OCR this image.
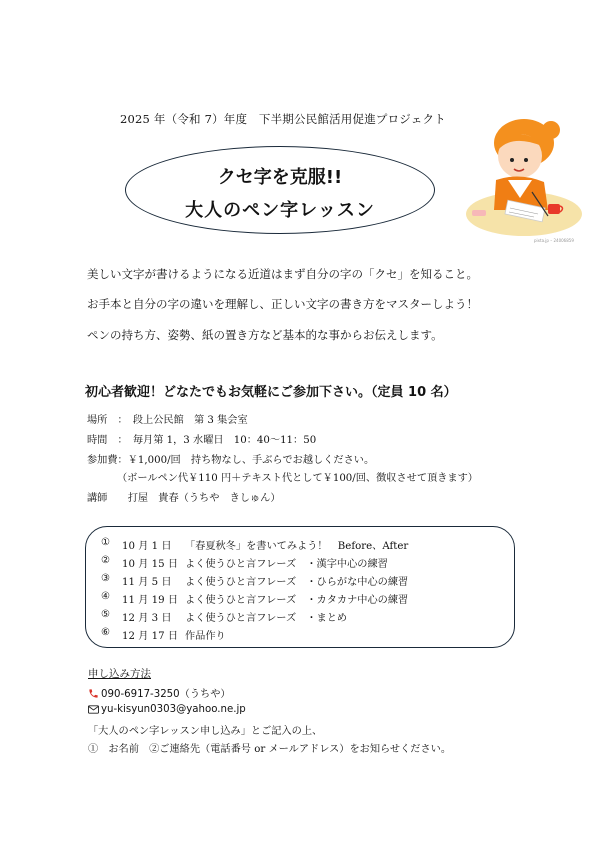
2025 年（令和 7）年度　下半期公民館活用促進プロジェクト
クセ字を克服!!
大人のペン字レッスン
pixta.jp – 24006859
美しい文字が書けるようになる近道はまず自分の字の「クセ」を知ること。
お手本と自分の字の違いを理解し、正しい文字の書き方をマスターしよう！
ペンの持ち方、姿勢、紙の置き方など基本的な事からお伝えします。
初心者歓迎！どなたでもお気軽にご参加下さい。（定員 10 名）
場所　：　段上公民館　第 3 集会室
時間　：　毎月第 1，3 水曜日　10：40～11：50
参加費：￥1,000/回　持ち物なし、手ぶらでお越しください。
（ボールペン代￥110 円＋テキスト代として￥100/回、徴収させて頂きます）
講師　　打屋　貴春（うちや　きしゅん）
① 10 月 1 日 「春夏秋冬」を書いてみよう！　Before、After
② 10 月 15 日 よく使うひと言フレーズ　・漢字中心の練習
③ 11 月 5 日 よく使うひと言フレーズ　・ひらがな中心の練習
④ 11 月 19 日 よく使うひと言フレーズ　・カタカナ中心の練習
⑤ 12 月 3 日 よく使うひと言フレーズ　・まとめ
⑥ 12 月 17 日 作品作り
申し込み方法
090-6917-3250（うちや）
yu-kisyun0303@yahoo.ne.jp
「大人のペン字レッスン申し込み」とご記入の上、
①　お名前　②ご連絡先（電話番号 or メールアドレス）をお知らせください。
